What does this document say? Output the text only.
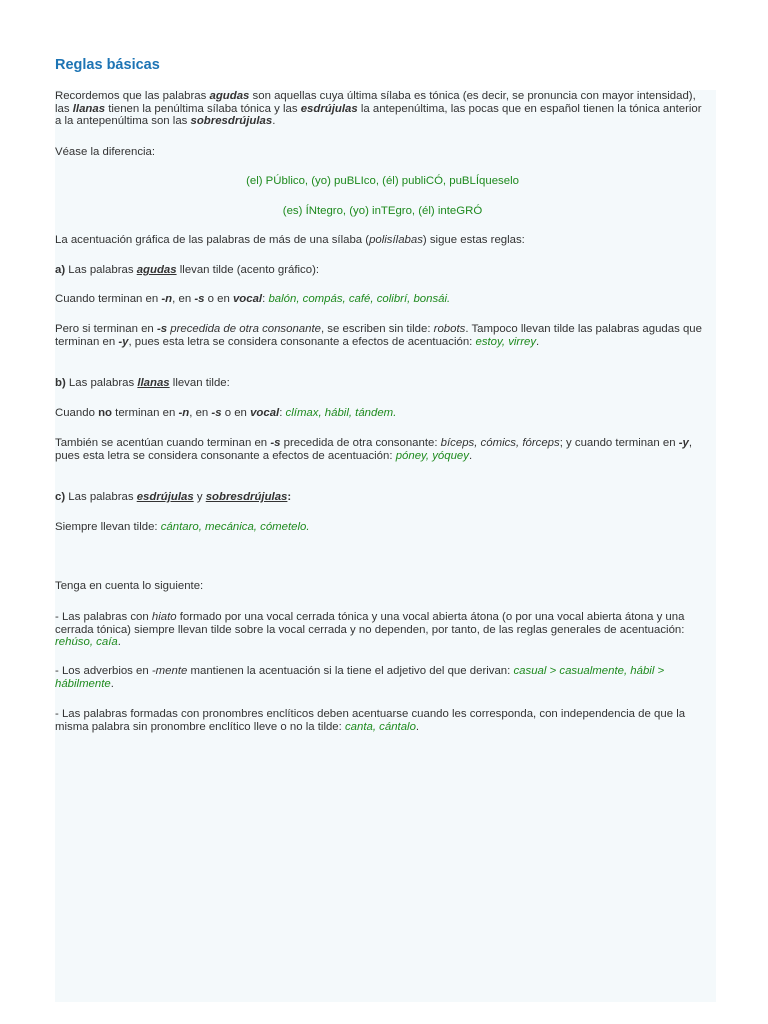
Reglas básicas

Recordemos que las palabras agudas son aquellas cuya última sílaba es tónica (es decir, se pronuncia con mayor intensidad), las llanas tienen la penúltima sílaba tónica y las esdrújulas la antepenúltima, las pocas que en español tienen la tónica anterior a la antepenúltima son las sobresdrújulas.

Véase la diferencia:

(el) PÚblico, (yo) puBLIco, (él) publiCÓ, puBLÍqueselo

(es) ÍNtegro, (yo) inTEgro, (él) inteGRÓ

La acentuación gráfica de las palabras de más de una sílaba (polisílabas) sigue estas reglas:

a) Las palabras agudas llevan tilde (acento gráfico):

Cuando terminan en -n, en -s o en vocal: balón, compás, café, colibrí, bonsái.

Pero si terminan en -s precedida de otra consonante, se escriben sin tilde: robots. Tampoco llevan tilde las palabras agudas que terminan en -y, pues esta letra se considera consonante a efectos de acentuación: estoy, virrey.

b) Las palabras llanas llevan tilde:

Cuando no terminan en -n, en -s o en vocal: clímax, hábil, tándem.

También se acentúan cuando terminan en -s precedida de otra consonante: bíceps, cómics, fórceps; y cuando terminan en -y, pues esta letra se considera consonante a efectos de acentuación: póney, yóquey.

c) Las palabras esdrújulas y sobresdrújulas:

Siempre llevan tilde: cántaro, mecánica, cómetelo.

Tenga en cuenta lo siguiente:

- Las palabras con hiato formado por una vocal cerrada tónica y una vocal abierta átona (o por una vocal abierta átona y una cerrada tónica) siempre llevan tilde sobre la vocal cerrada y no dependen, por tanto, de las reglas generales de acentuación: rehúso, caía.

- Los adverbios en -mente mantienen la acentuación si la tiene el adjetivo del que derivan: casual > casualmente, hábil > hábilmente.

- Las palabras formadas con pronombres enclíticos deben acentuarse cuando les corresponda, con independencia de que la misma palabra sin pronombre enclítico lleve o no la tilde: canta, cántalo.
